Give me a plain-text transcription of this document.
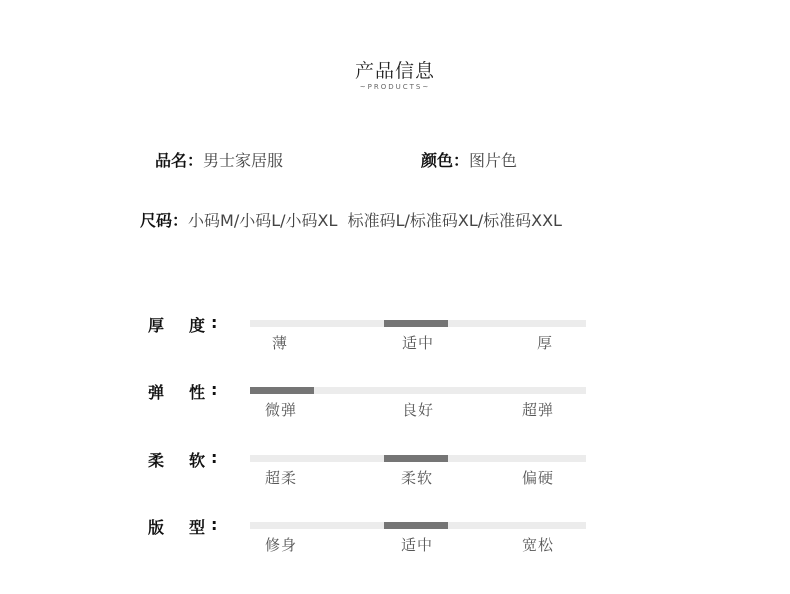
产品信息
~PRODUCTS~
品名：男士家居服	颜色：图片色
尺码：小码M/小码L/小码XL  标准码L/标准码XL/标准码XXL
厚 度 :
薄	适中	厚
弹 性 :
微弹	良好	超弹
柔 软 :
超柔	柔软	偏硬
版 型 :
修身	适中	宽松
